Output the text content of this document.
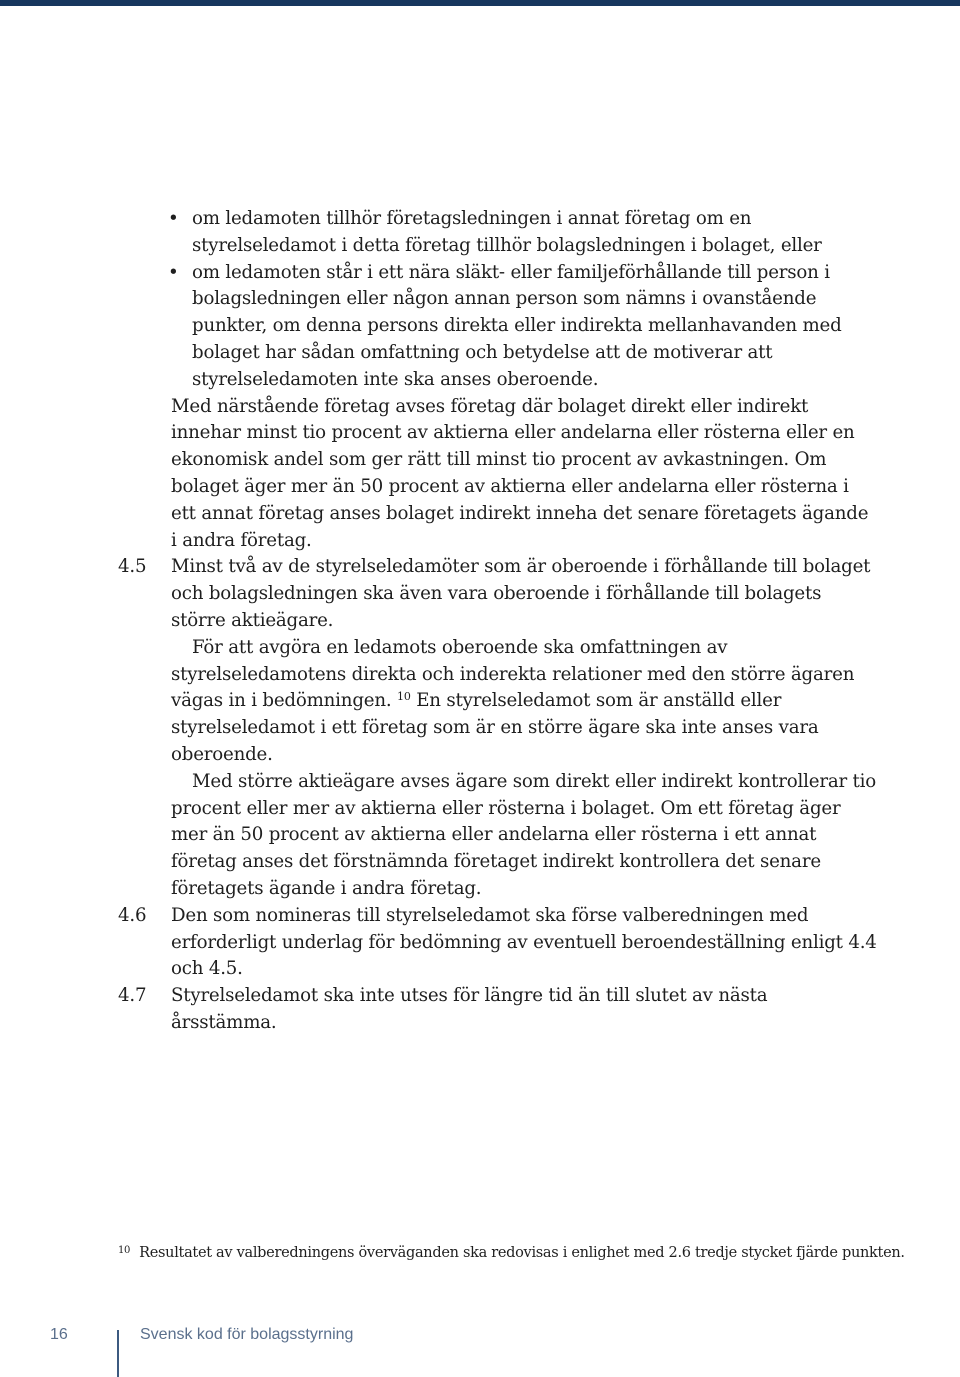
• om ledamoten tillhör företagsledningen i annat företag om en styrelseledamot i detta företag tillhör bolagsledningen i bolaget, eller
• om ledamoten står i ett nära släkt- eller familjeförhållande till person i bolagsledningen eller någon annan person som nämns i ovanstående punkter, om denna persons direkta eller indirekta mellanhavanden med bolaget har sådan omfattning och betydelse att de motiverar att styrelseledamoten inte ska anses oberoende.

Med närstående företag avses företag där bolaget direkt eller indirekt innehar minst tio procent av aktierna eller andelarna eller rösterna eller en ekonomisk andel som ger rätt till minst tio procent av avkastningen. Om bolaget äger mer än 50 procent av aktierna eller andelarna eller rösterna i ett annat företag anses bolaget indirekt inneha det senare företagets ägande i andra företag.

4.5 Minst två av de styrelseledamöter som är oberoende i förhållande till bolaget och bolagsledningen ska även vara oberoende i förhållande till bolagets större aktieägare.

För att avgöra en ledamots oberoende ska omfattningen av styrelseledamotens direkta och inderekta relationer med den större ägaren vägas in i bedömningen. $^{10}$ En styrelseledamot som är anställd eller styrelseledamot i ett företag som är en större ägare ska inte anses vara oberoende.

Med större aktieägare avses ägare som direkt eller indirekt kontrollerar tio procent eller mer av aktierna eller rösterna i bolaget. Om ett företag äger mer än 50 procent av aktierna eller andelarna eller rösterna i ett annat företag anses det förstnämnda företaget indirekt kontrollera det senare företagets ägande i andra företag.

4.6 Den som nomineras till styrelseledamot ska förse valberedningen med erforderligt underlag för bedömning av eventuell beroendeställning enligt 4.4 och 4.5.

4.7 Styrelseledamot ska inte utses för längre tid än till slutet av nästa årsstämma.

$^{10}$ Resultatet av valberedningens överväganden ska redovisas i enlighet med 2.6 tredje stycket fjärde punkten.
16	Svensk kod för bolagsstyrning
